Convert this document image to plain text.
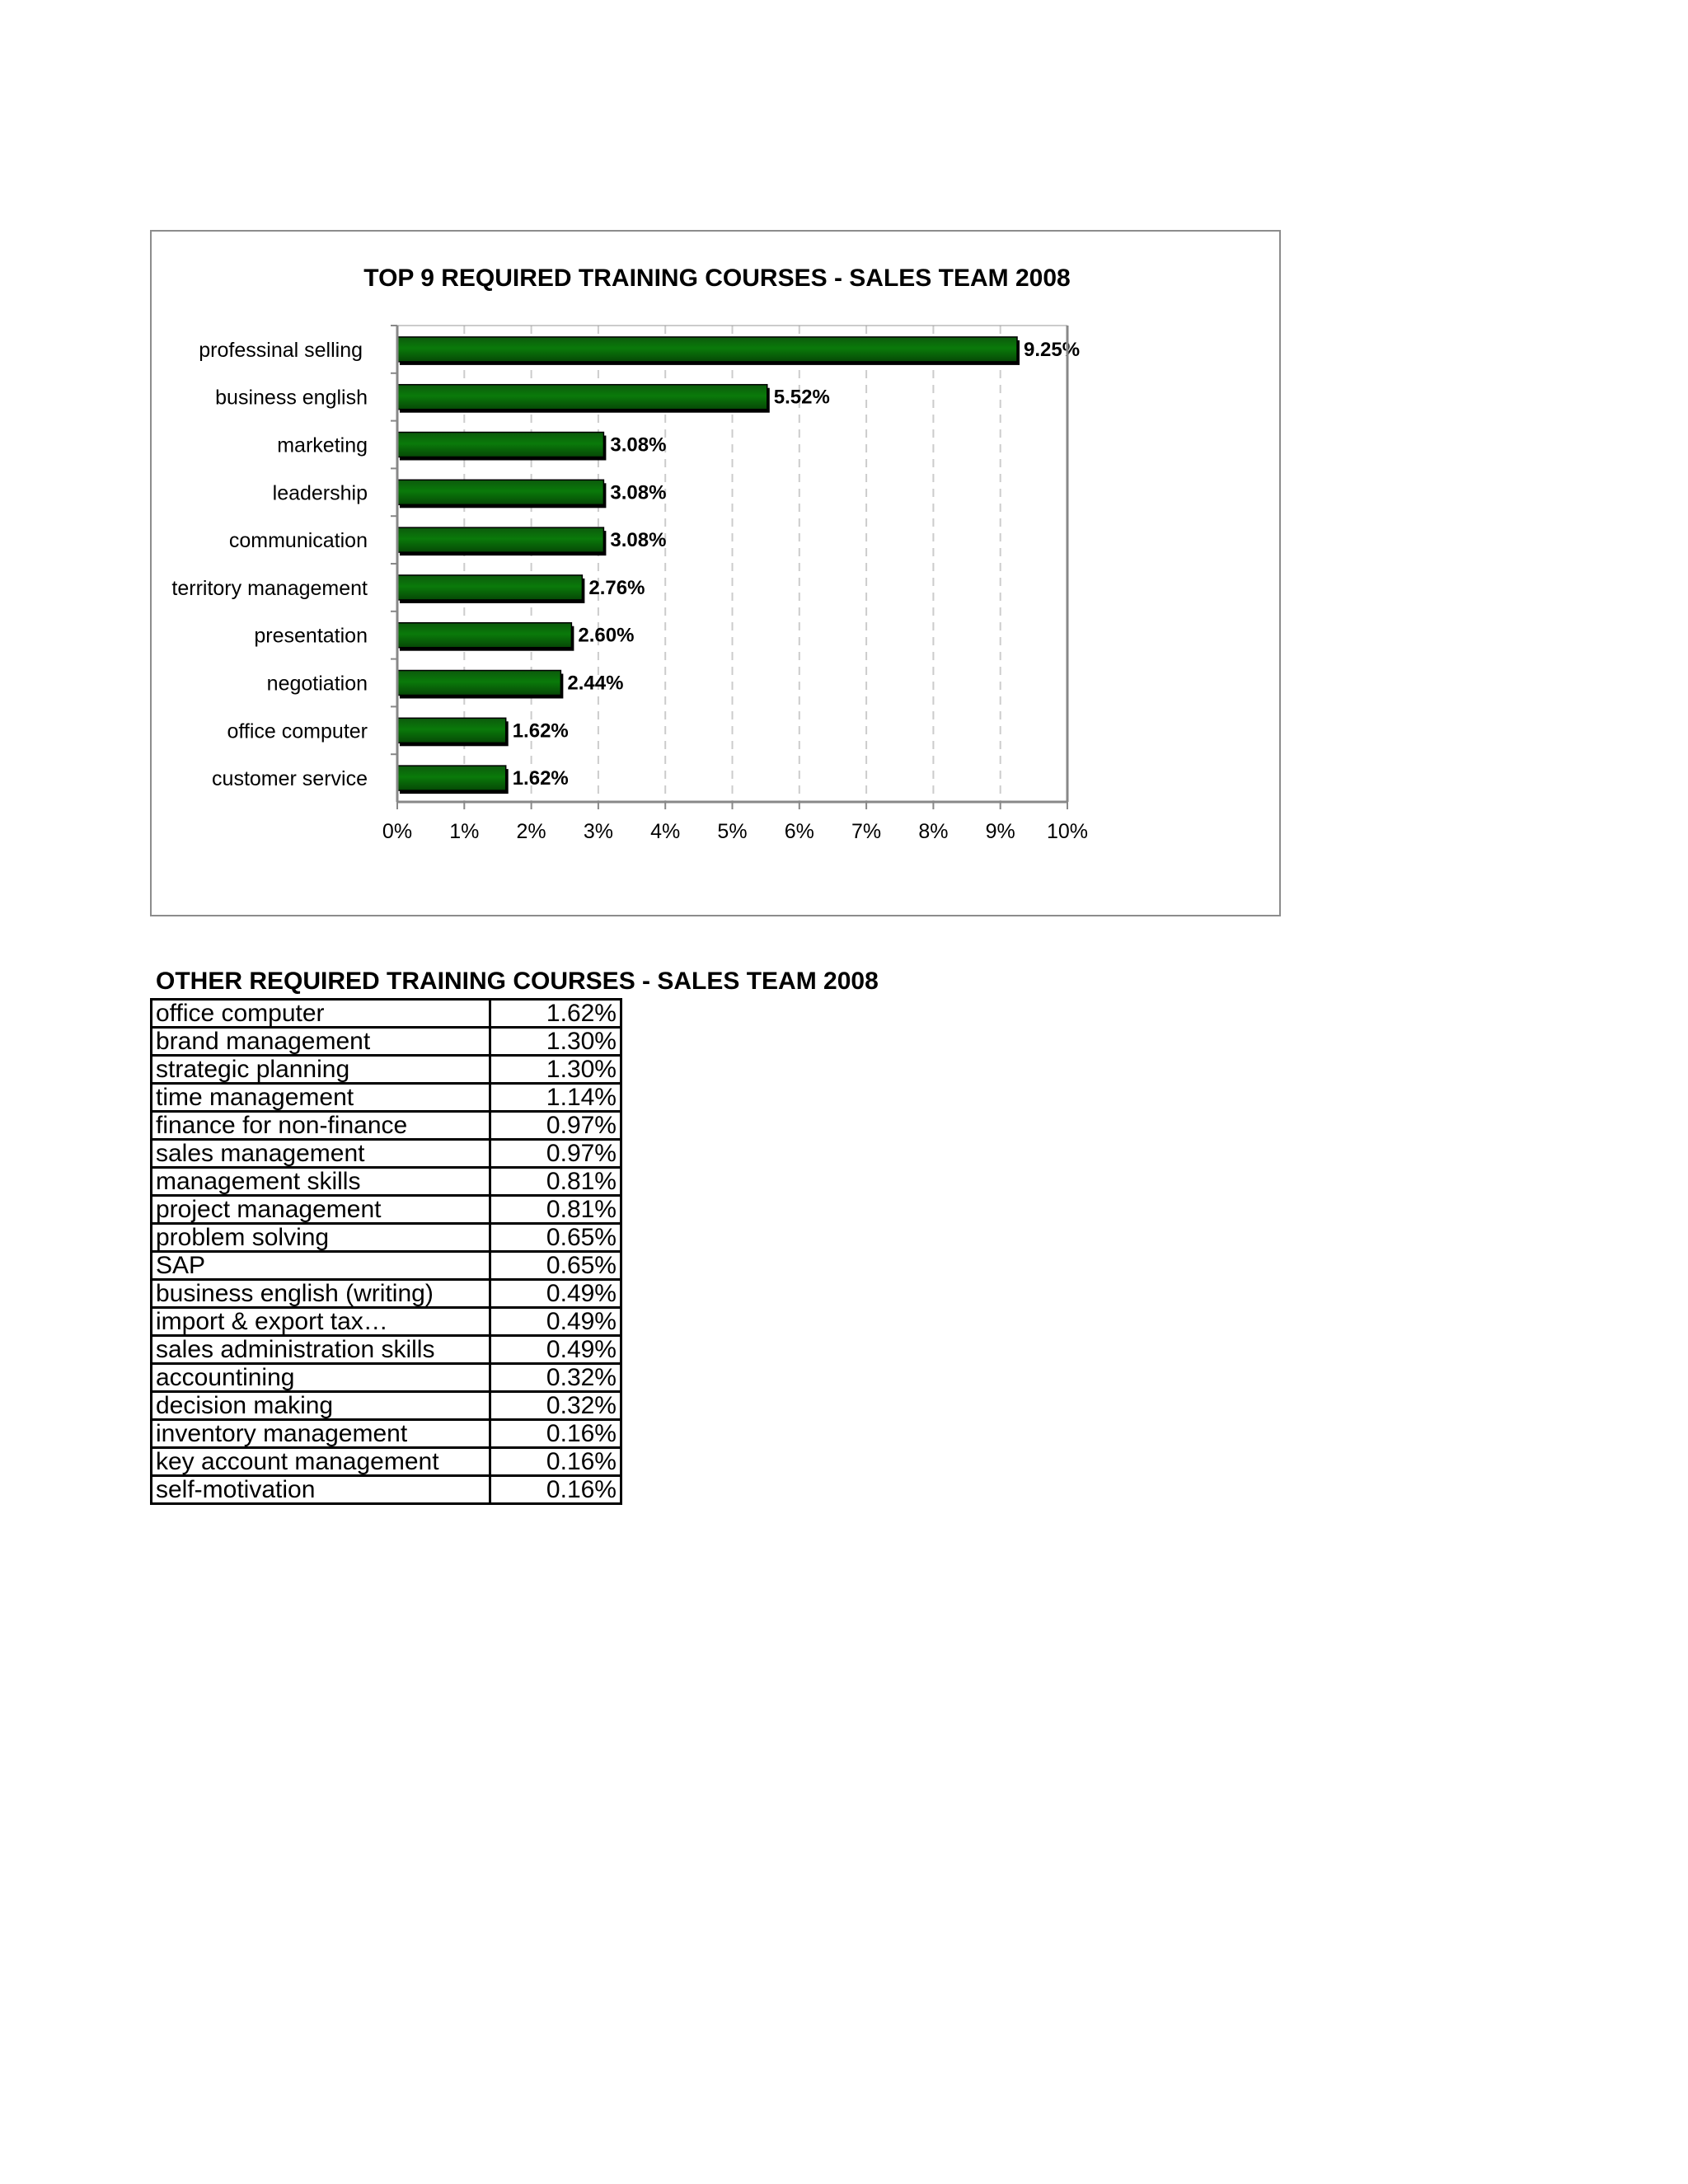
TOP 9 REQUIRED TRAINING COURSES - SALES TEAM 2008
9.25%
5.52%
3.08%
3.08%
3.08%
2.76%
2.60%
2.44%
1.62%
1.62%
professinal selling
business english
marketing
leadership
communication
territory management
presentation
negotiation
office computer
customer service
0% 1% 2% 3% 4% 5% 6% 7% 8% 9% 10%
OTHER REQUIRED TRAINING COURSES - SALES TEAM 2008
office computer	1.62%
brand management	1.30%
strategic planning	1.30%
time management	1.14%
finance for non-finance	0.97%
sales management	0.97%
management skills	0.81%
project management	0.81%
problem solving	0.65%
SAP	0.65%
business english (writing)	0.49%
import & export tax…	0.49%
sales administration skills	0.49%
accountining	0.32%
decision making	0.32%
inventory management	0.16%
key account management	0.16%
self-motivation	0.16%
